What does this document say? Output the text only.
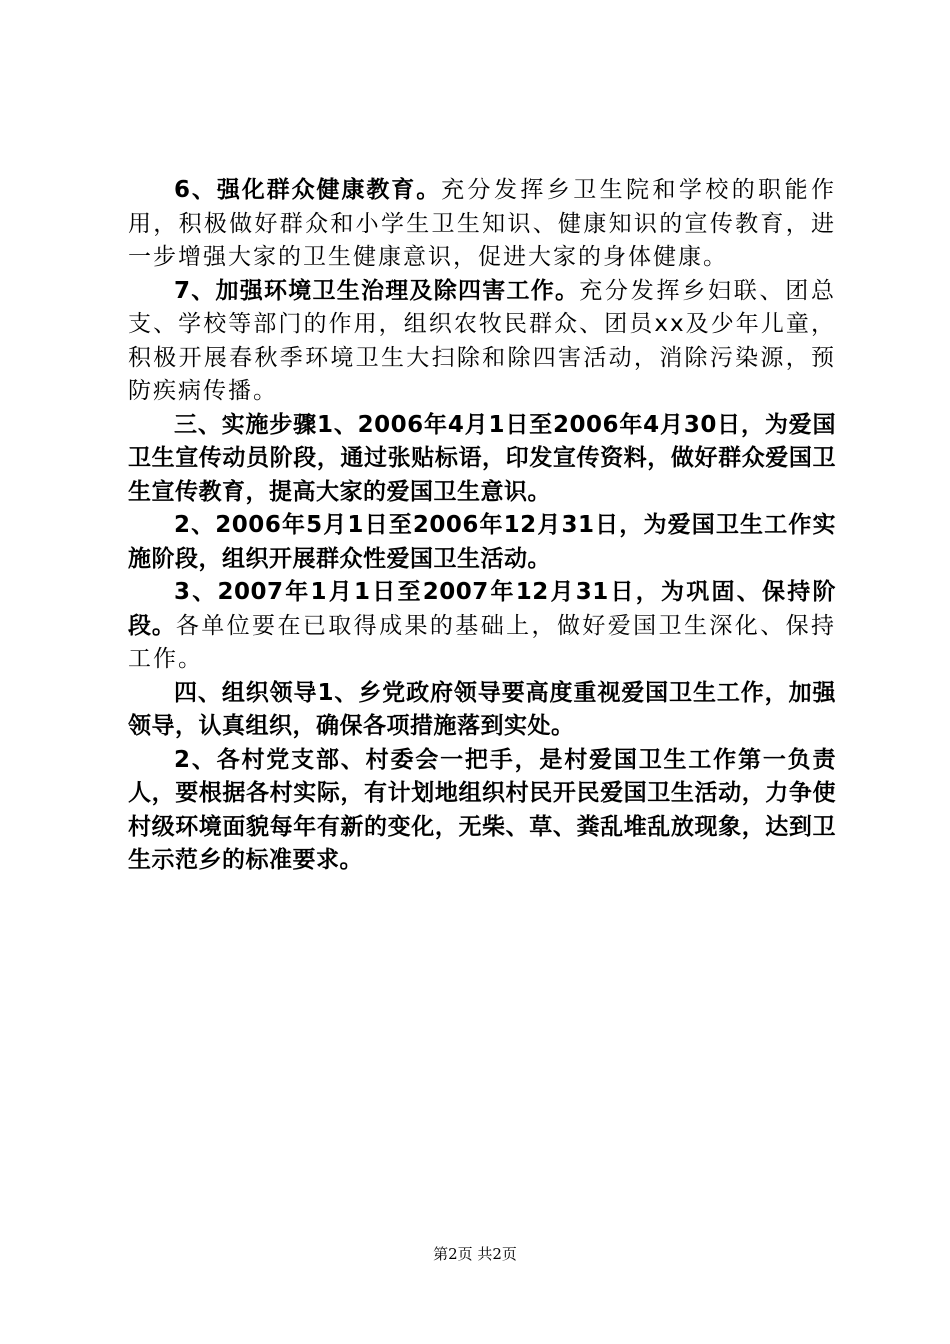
6、强化群众健康教育。充分发挥乡卫生院和学校的职能作用，积极做好群众和小学生卫生知识、健康知识的宣传教育，进一步增强大家的卫生健康意识，促进大家的身体健康。

7、加强环境卫生治理及除四害工作。充分发挥乡妇联、团总支、学校等部门的作用，组织农牧民群众、团员xx及少年儿童，积极开展春秋季环境卫生大扫除和除四害活动，消除污染源，预防疾病传播。

三、实施步骤1、2006年4月1日至2006年4月30日，为爱国卫生宣传动员阶段，通过张贴标语，印发宣传资料，做好群众爱国卫生宣传教育，提高大家的爱国卫生意识。

2、2006年5月1日至2006年12月31日，为爱国卫生工作实施阶段，组织开展群众性爱国卫生活动。

3、2007年1月1日至2007年12月31日，为巩固、保持阶段。各单位要在已取得成果的基础上，做好爱国卫生深化、保持工作。

四、组织领导1、乡党政府领导要高度重视爱国卫生工作，加强领导，认真组织，确保各项措施落到实处。

2、各村党支部、村委会一把手，是村爱国卫生工作第一负责人，要根据各村实际，有计划地组织村民开民爱国卫生活动，力争使村级环境面貌每年有新的变化，无柴、草、粪乱堆乱放现象，达到卫生示范乡的标准要求。

第2页 共2页
